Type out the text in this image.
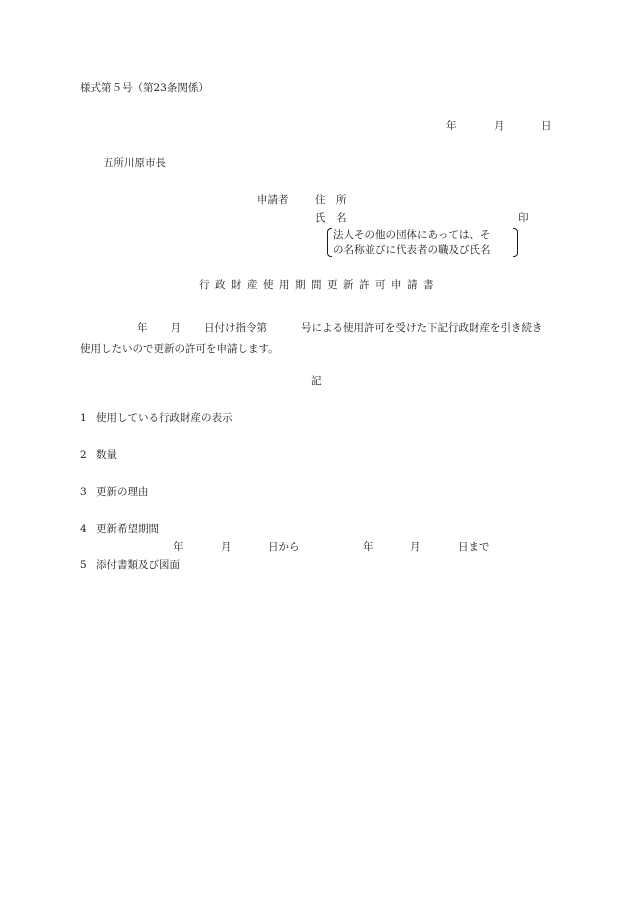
様式第５号（第23条関係）
年	月	日
五所川原市長
申請者	住　所
氏　名	印
法人その他の団体にあっては、そ
の名称並びに代表者の職及び氏名
行政財産使用期間更新許可申請書
年 月 日付け指令第	号による使用許可を受けた下記行政財産を引き続き使用したいので更新の許可を申請します。
記
1 使用している行政財産の表示
2 数量
3 更新の理由
4 更新希望期間
年	月	日から	年	月	日まで
5 添付書類及び図面
